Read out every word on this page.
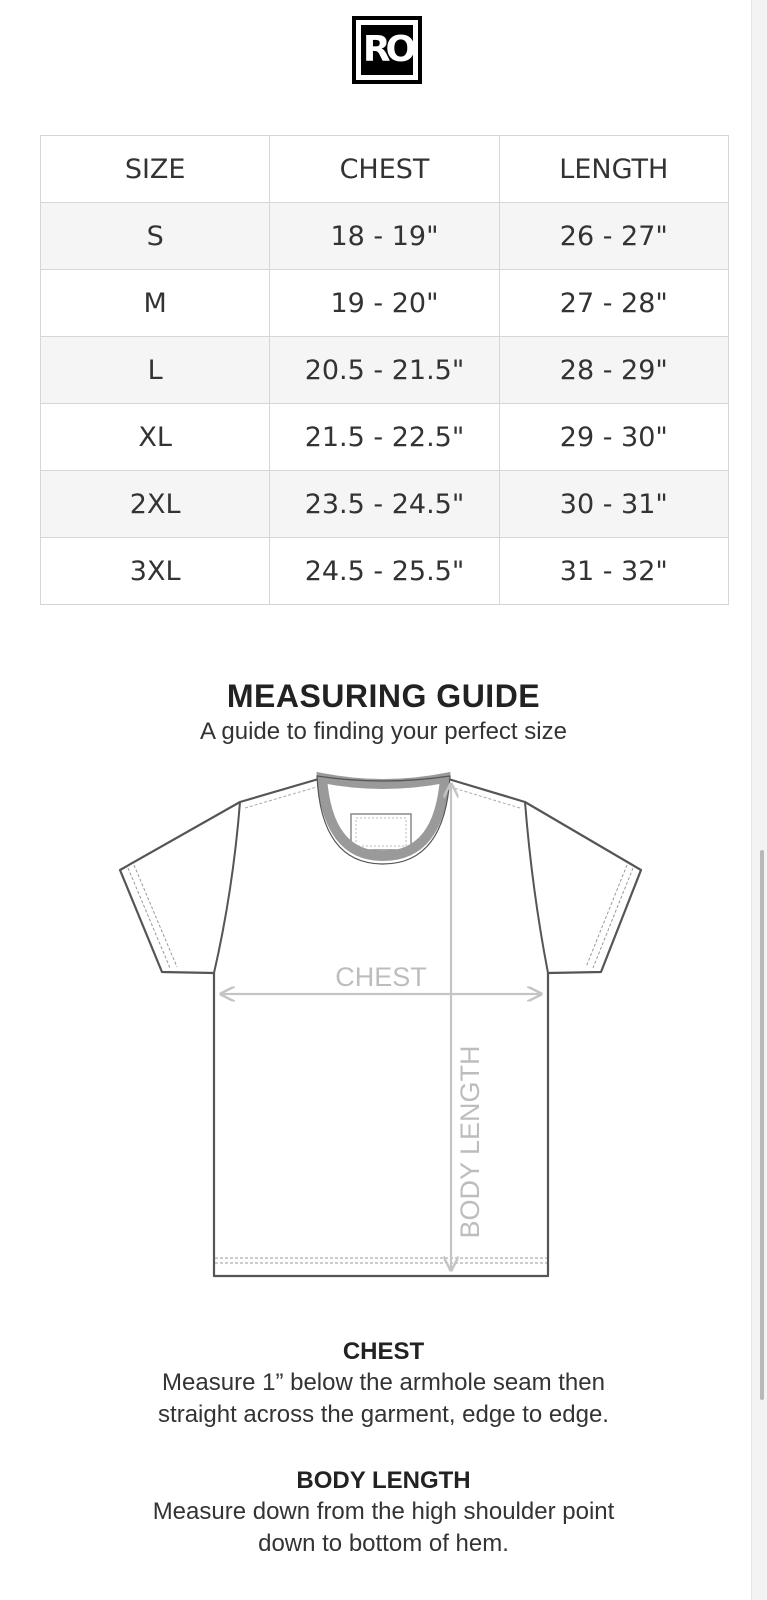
RO
SIZE	CHEST	LENGTH
S	18 - 19"	26 - 27"
M	19 - 20"	27 - 28"
L	20.5 - 21.5"	28 - 29"
XL	21.5 - 22.5"	29 - 30"
2XL	23.5 - 24.5"	30 - 31"
3XL	24.5 - 25.5"	31 - 32"
MEASURING GUIDE
A guide to finding your perfect size
CHEST
BODY LENGTH
CHEST
Measure 1” below the armhole seam then
straight across the garment, edge to edge.
BODY LENGTH
Measure down from the high shoulder point
down to bottom of hem.
